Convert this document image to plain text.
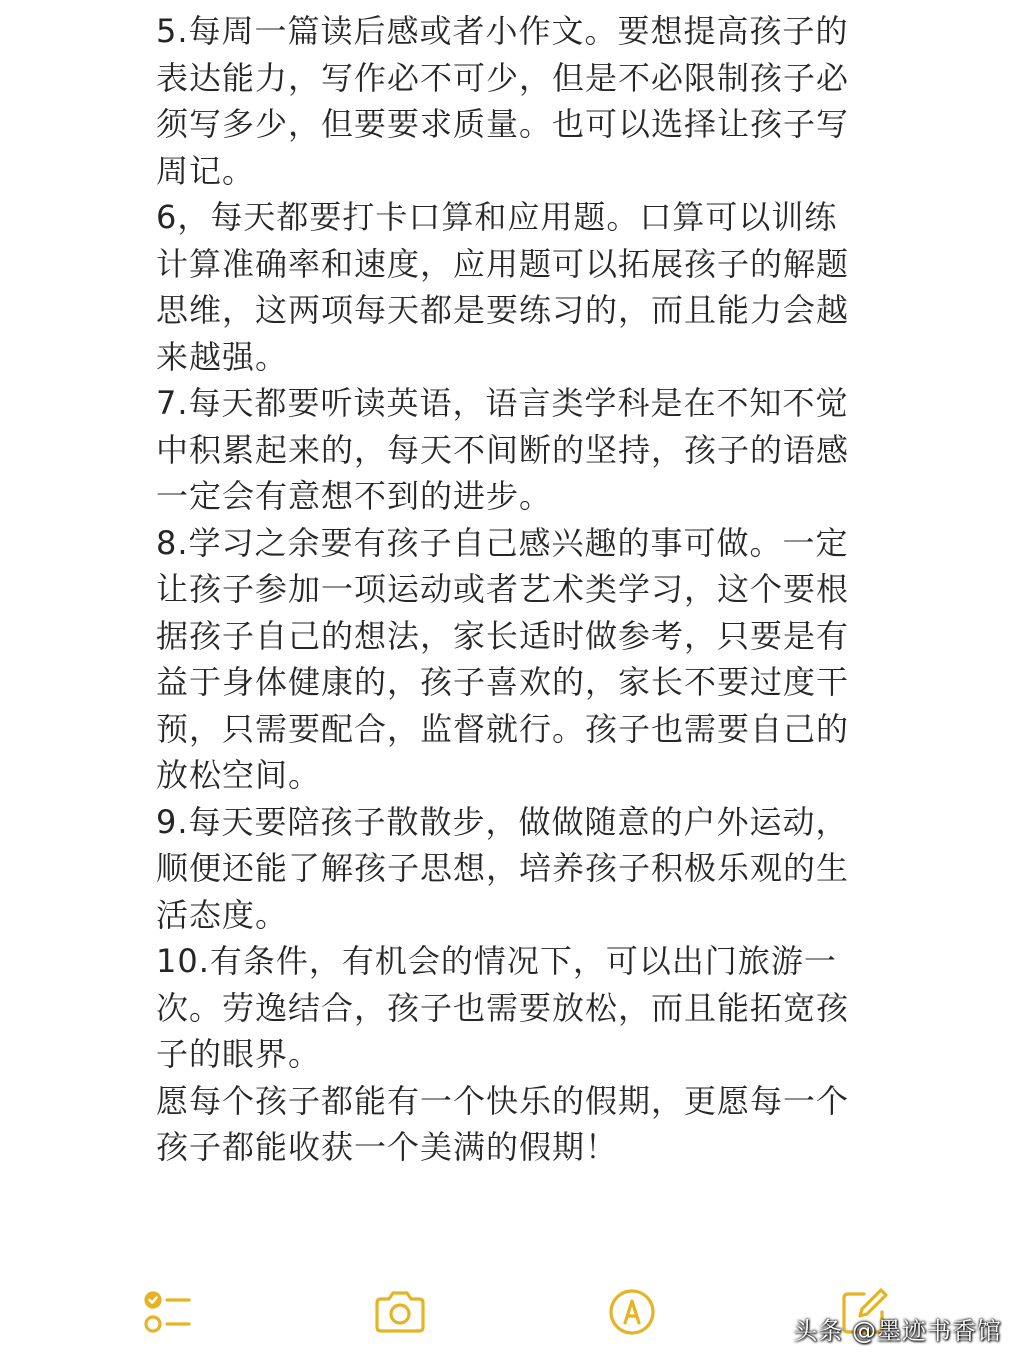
5.每周一篇读后感或者小作文。要想提高孩子的表达能力，写作必不可少，但是不必限制孩子必须写多少，但要要求质量。也可以选择让孩子写周记。

6，每天都要打卡口算和应用题。口算可以训练计算准确率和速度，应用题可以拓展孩子的解题思维，这两项每天都是要练习的，而且能力会越来越强。

7.每天都要听读英语，语言类学科是在不知不觉中积累起来的，每天不间断的坚持，孩子的语感一定会有意想不到的进步。

8.学习之余要有孩子自己感兴趣的事可做。一定让孩子参加一项运动或者艺术类学习，这个要根据孩子自己的想法，家长适时做参考，只要是有益于身体健康的，孩子喜欢的，家长不要过度干预，只需要配合，监督就行。孩子也需要自己的放松空间。

9.每天要陪孩子散散步，做做随意的户外运动，顺便还能了解孩子思想，培养孩子积极乐观的生活态度。

10.有条件，有机会的情况下，可以出门旅游一次。劳逸结合，孩子也需要放松，而且能拓宽孩子的眼界。

愿每个孩子都能有一个快乐的假期，更愿每一个孩子都能收获一个美满的假期！

头条 @墨迹书香馆
